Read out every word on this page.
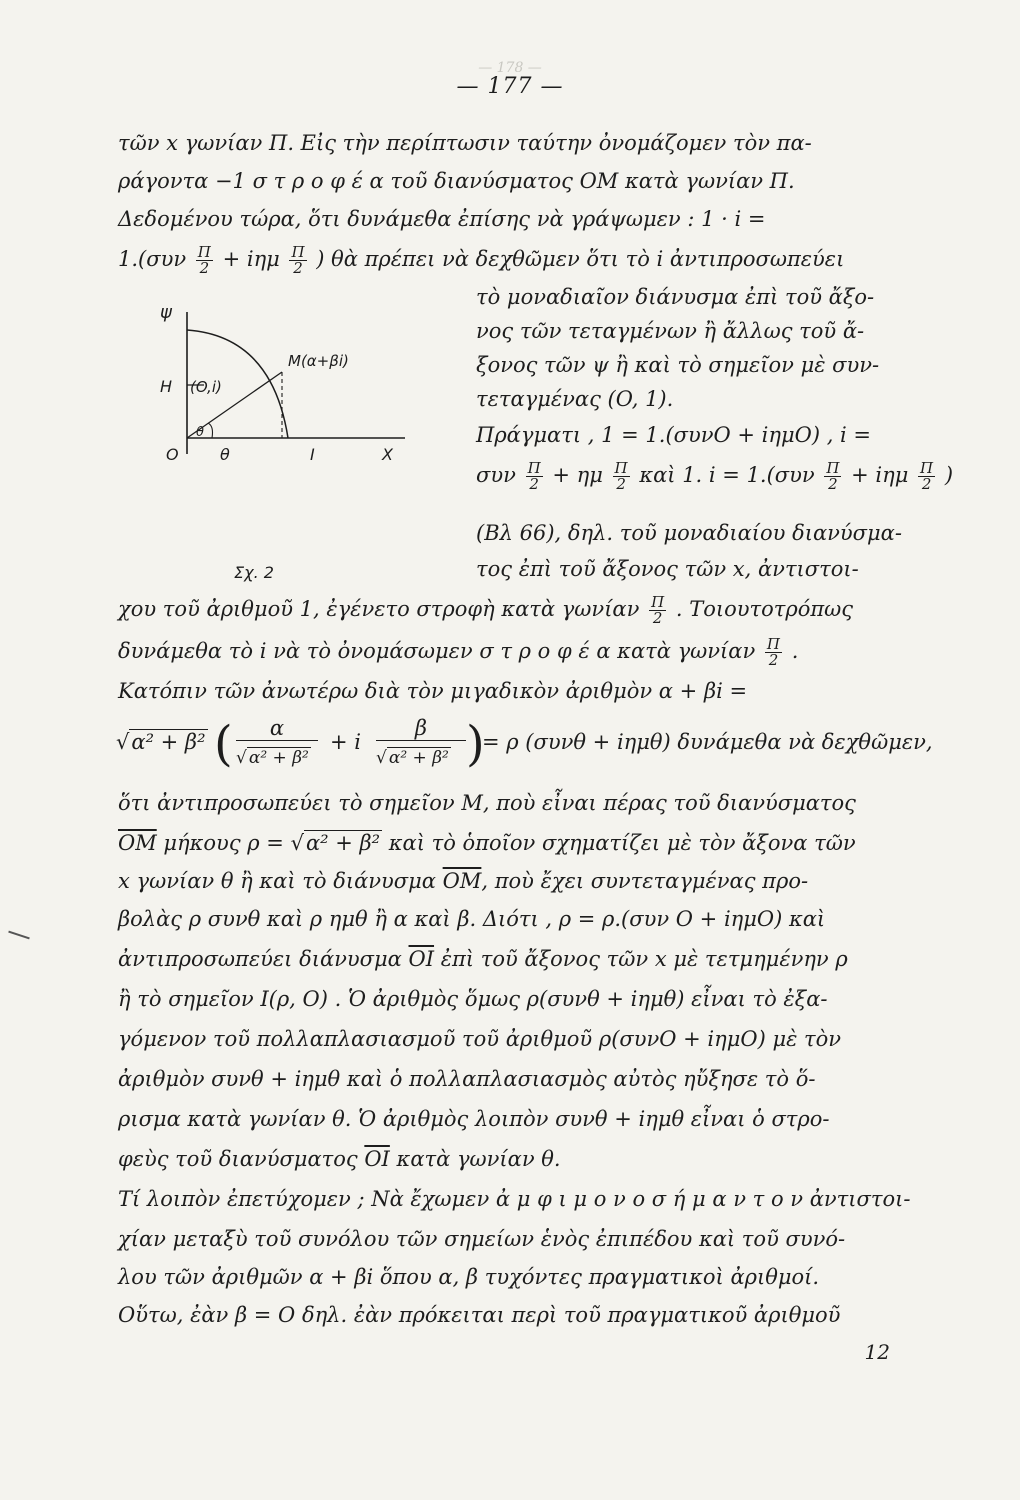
— 178 —
— 177 —
τῶν x γωνίαν Π. Εἰς τὴν περίπτωσιν ταύτην ὀνομάζομεν τὸν πα-
ράγοντα −1 σ τ ρ ο φ έ α τοῦ διανύσματος OM κατὰ γωνίαν Π.
Δεδομένου τώρα, ὅτι δυνάμεθα ἐπίσης νὰ γράψωμεν : 1 · i =
$1.(\sigma\upsilon\nu \frac{\Pi}{2} + i\eta\mu \frac{\Pi}{2}$ ) θὰ πρέπει νὰ δεχθῶμεν ὅτι τὸ i ἀντιπροσωπεύει
ψ
M(α+βi)
H (O,i)
θ
O	θ	I	X
Σχ. 2
τὸ μοναδιαῖον διάνυσμα ἐπὶ τοῦ ἄξο-
νος τῶν τεταγμένων ἢ ἄλλως τοῦ ἄ-
ξονος τῶν ψ ἢ καὶ τὸ σημεῖον μὲ συν-
τεταγμένας (O, 1).
Πράγματι , 1 = 1.(συνO + iημO) , i =
συν $\frac{\Pi}{2} + \eta\mu \frac{\Pi}{2}$ καὶ 1. $i = 1.(\sigma\upsilon\nu \frac{\Pi}{2} + i\eta\mu \frac{\Pi}{2}$ )
(Βλ 66), δηλ. τοῦ μοναδιαίου διανύσμα-
τος ἐπὶ τοῦ ἄξονος τῶν x, ἀντιστοι-
χου τοῦ ἀριθμοῦ 1, ἐγένετο στροφὴ κατὰ γωνίαν $\frac{\Pi}{2}$ . Τοιουτοτρόπως
δυνάμεθα τὸ i νὰ τὸ ὀνομάσωμεν σ τ ρ ο φ έ α κατὰ γωνίαν $\frac{\Pi}{2}$ .
Κατόπιν τῶν ἀνωτέρω διὰ τὸν μιγαδικὸν ἀριθμὸν α + βi =
√α² + β² (	α
√ α² + β²
+ i
β
√ α² + β² )
= ρ (συνθ + iημθ) δυνάμεθα νὰ δεχθῶμεν,
ὅτι ἀντιπροσωπεύει τὸ σημεῖον M, ποὺ εἶναι πέρας τοῦ διανύσματος
$\overline{OM}$ μήκους ρ = √α² + β² καὶ τὸ ὁποῖον σχηματίζει μὲ τὸν ἄξονα τῶν
x γωνίαν θ ἢ καὶ τὸ διάνυσμα $\overline{OM}$, ποὺ ἔχει συντεταγμένας προ-
βολὰς ρ συνθ καὶ ρ ημθ ἢ α καὶ β. Διότι , ρ = ρ.(συν O + iημO) καὶ
ἀντιπροσωπεύει διάνυσμα $\overline{OI}$ ἐπὶ τοῦ ἄξονος τῶν x μὲ τετμημένην ρ
ἢ τὸ σημεῖον I(ρ, O) . Ὁ ἀριθμὸς ὅμως ρ(συνθ + iημθ) εἶναι τὸ ἐξα-
γόμενον τοῦ πολλαπλασιασμοῦ τοῦ ἀριθμοῦ ρ(συνO + iημO) μὲ τὸν
ἀριθμὸν συνθ + iημθ καὶ ὁ πολλαπλασιασμὸς αὐτὸς ηὔξησε τὸ ὅ-
ρισμα κατὰ γωνίαν θ. Ὁ ἀριθμὸς λοιπὸν συνθ + iημθ εἶναι ὁ στρο-
φεὺς τοῦ διανύσματος $\overline{OI}$ κατὰ γωνίαν θ.
Τί λοιπὸν ἐπετύχομεν ; Νὰ ἔχωμεν ἀ μ φ ι μ ο ν ο σ ή μ α ν τ ο ν ἀντιστοι-
χίαν μεταξὺ τοῦ συνόλου τῶν σημείων ἑνὸς ἐπιπέδου καὶ τοῦ συνό-
λου τῶν ἀριθμῶν α + βi ὅπου α, β τυχόντες πραγματικοὶ ἀριθμοί.
Οὕτω, ἐὰν β = O δηλ. ἐὰν πρόκειται περὶ τοῦ πραγματικοῦ ἀριθμοῦ
12
